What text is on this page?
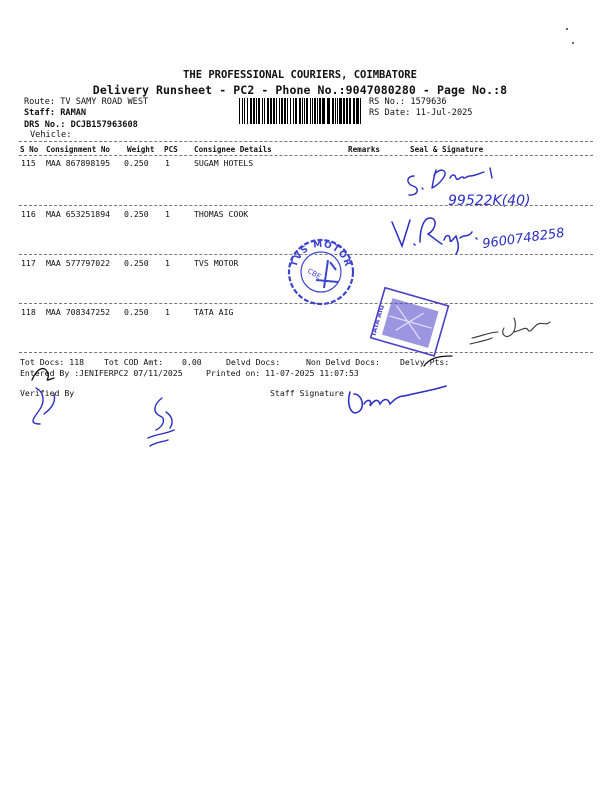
THE PROFESSIONAL COURIERS, COIMBATORE
Delivery Runsheet - PC2 - Phone No.:9047080280 - Page No.:8
Route: TV SAMY ROAD WEST
Staff: RAMAN
DRS No.: DCJB157963608
Vehicle:
RS No.: 1579636
RS Date: 11-Jul-2025
S No Consignment No Weight PCS Consignee Details	Remarks	Seal & Signature
115 MAA 867898195 0.250 1	SUGAM HOTELS
116 MAA 653251894 0.250 1	THOMAS COOK
117 MAA 577797022 0.250 1	TVS MOTOR
118 MAA 708347252 0.250 1	TATA AIG
Tot Docs: 118 Tot COD Amt: 0.00	Delvd Docs:	Non Delvd Docs: Delvy Pts:
Entered By :JENIFERPC2 07/11/2025	Printed on: 11-07-2025 11:07:53
Verified By	Staff Signature
99522K(40)
9600748258
TVS MOTOR
CBE
TATA AIG
